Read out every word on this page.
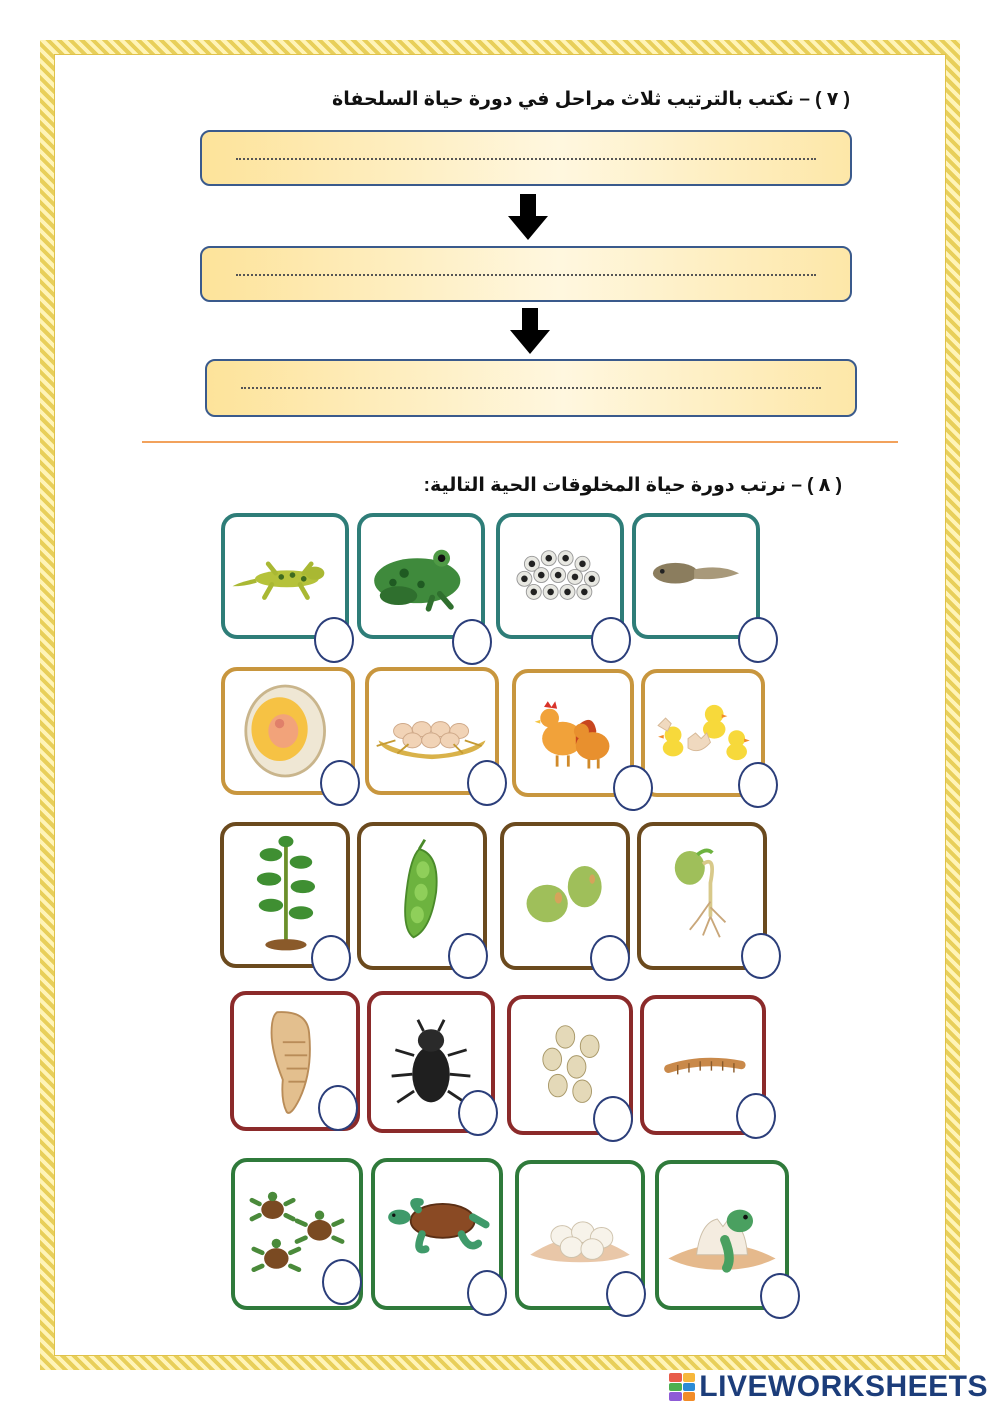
( ٧ ) – نكتب بالترتيب ثلاث مراحل في دورة حياة السلحفاة
( ٨ ) – نرتب دورة حياة المخلوقات الحية التالية:
LIVEWORKSHEETS
